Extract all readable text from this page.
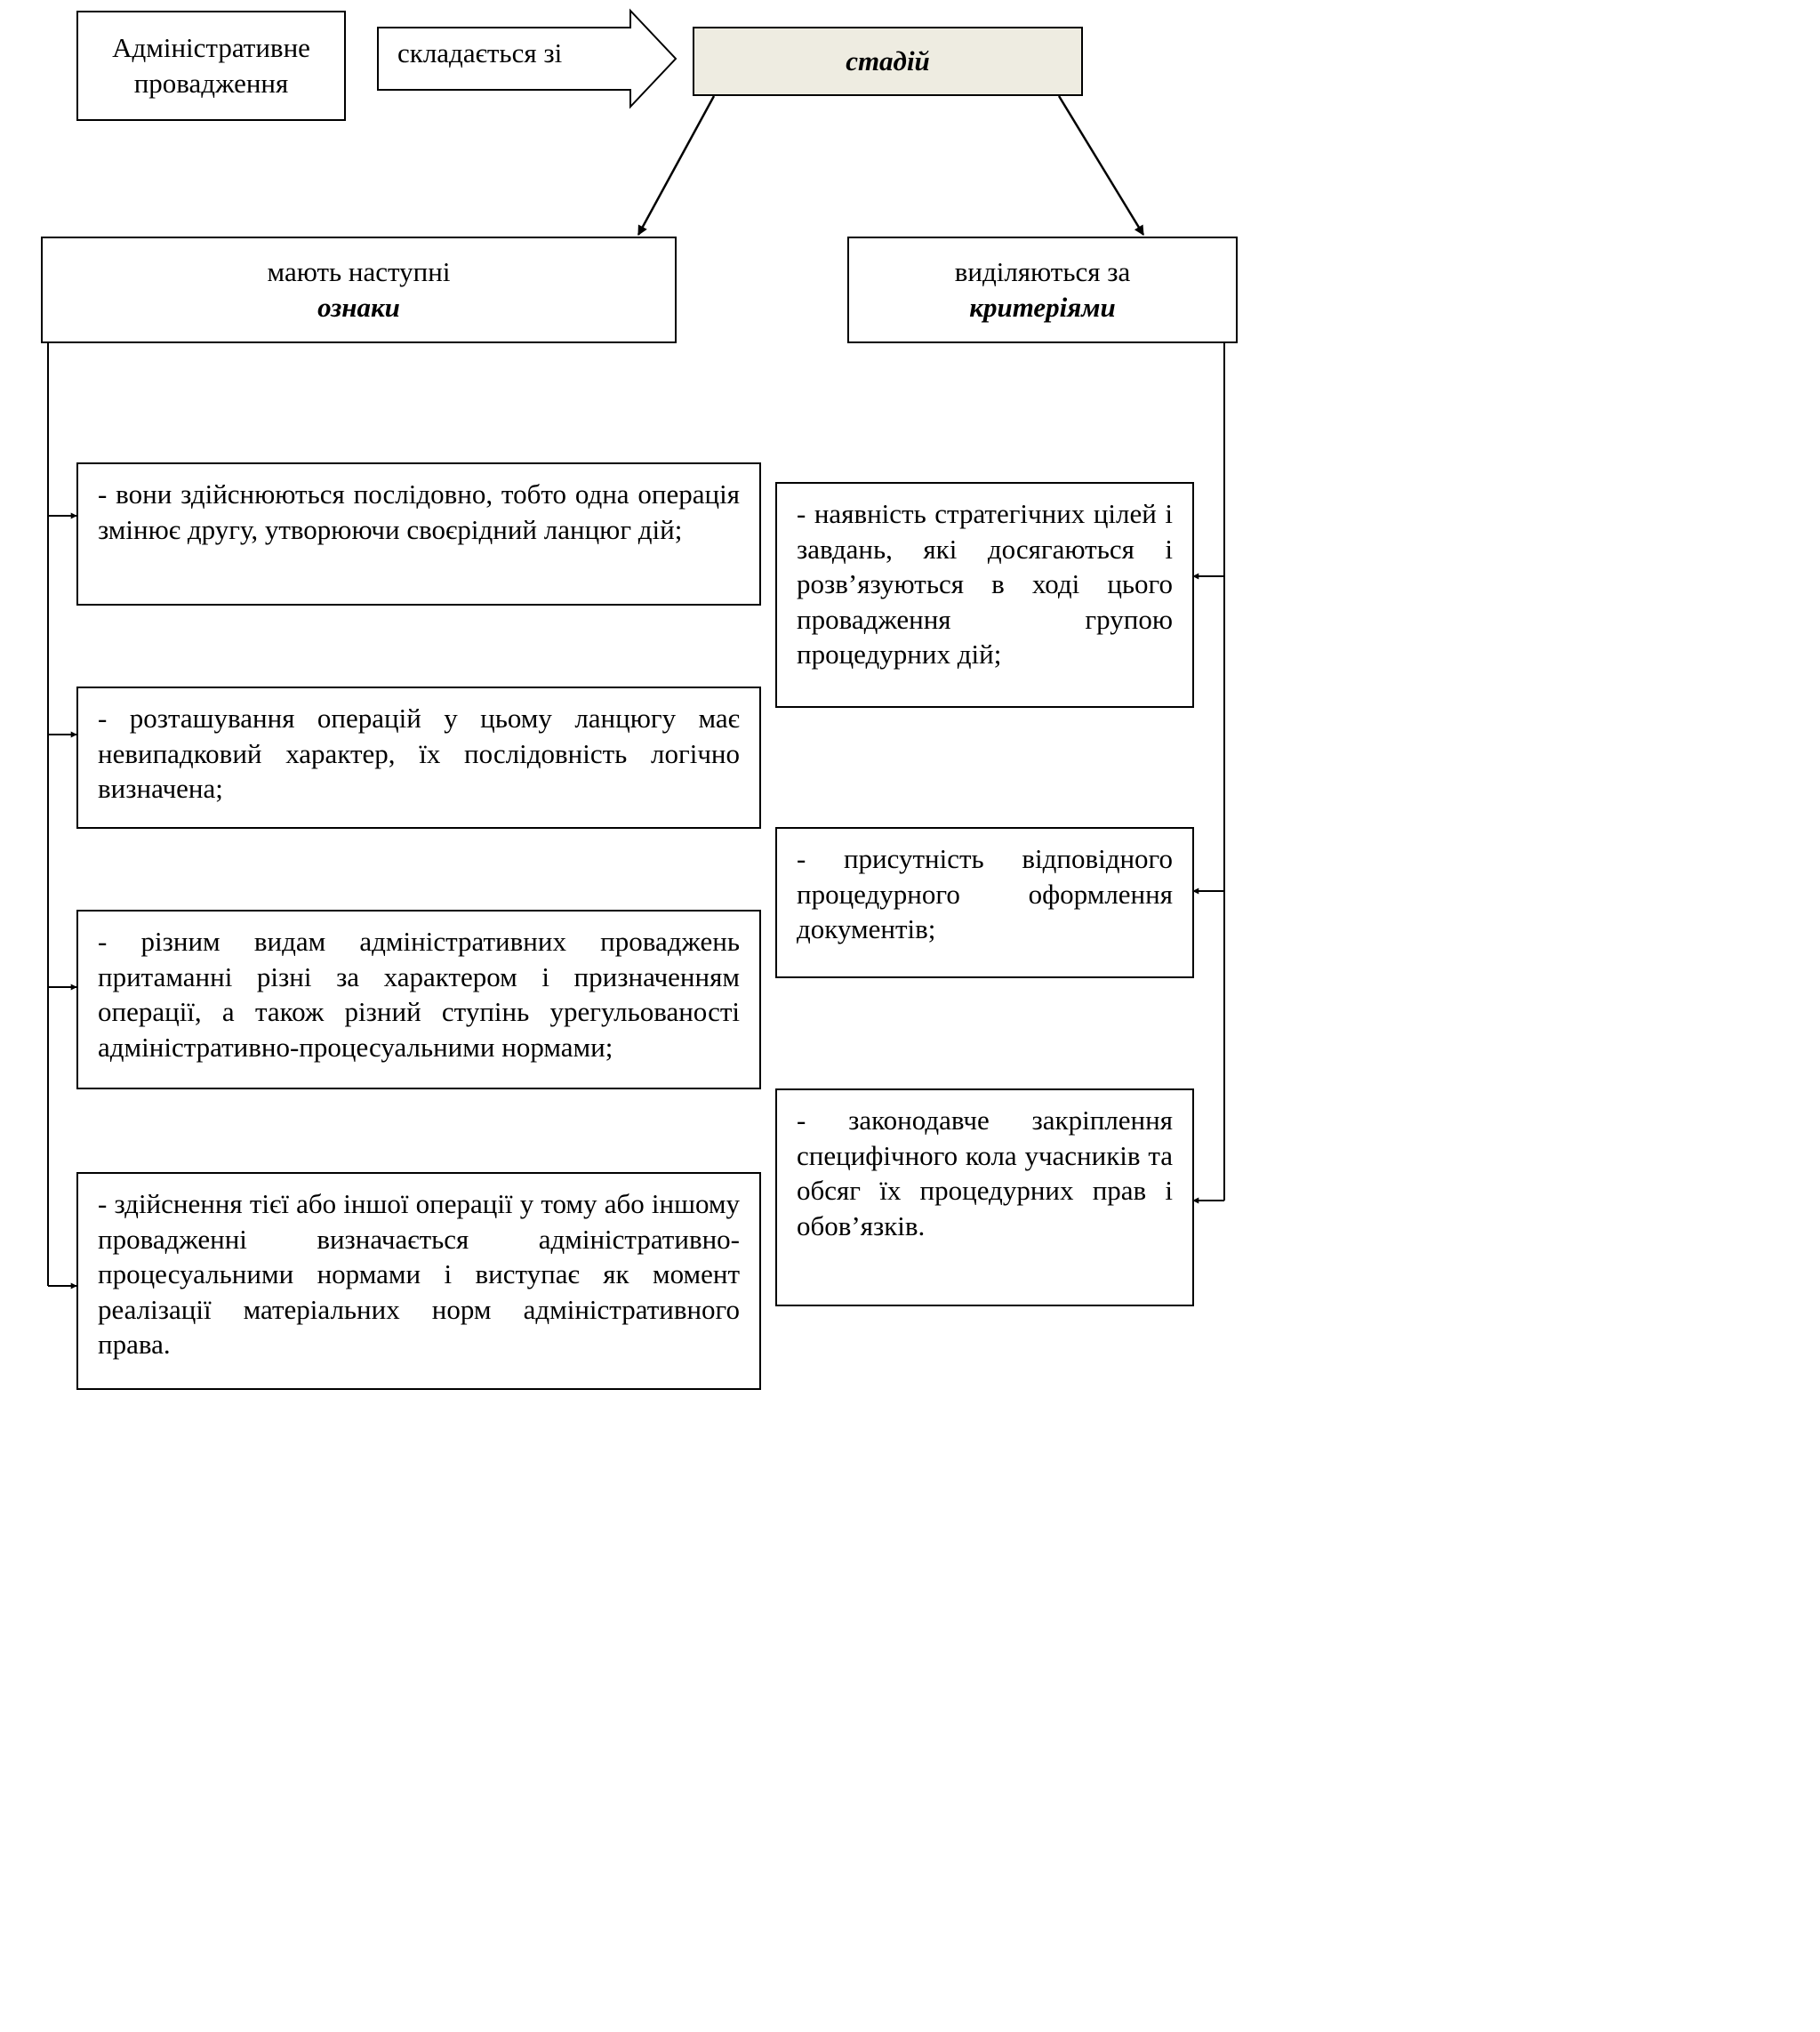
складається зі
Адміністративне
провадження
стадій
мають наступні
ознаки
виділяються за
критеріями
- вони здійснюються послідовно, тобто одна операція змінює другу, утворюючи своєрідний ланцюг дій;
- розташування операцій у цьому ланцюгу має невипадковий характер, їх послідовність логічно визначена;
- різним видам адміністративних проваджень притаманні різні за характером і призначенням операції, а також різний ступінь урегульованості адміністративно-процесуальними нормами;
- здійснення тієї або іншої операції у тому або іншому провадженні визначається адміністративно-процесуальними нормами і виступає як момент реалізації матеріальних норм адміністративного права.
- наявність стратегічних цілей і завдань, які досягаються і розв’язуються в ході цього провадження групою процедурних дій;
- присутність відповідного процедурного оформлення документів;
- законодавче закріплення специфічного кола учасників та обсяг їх процедурних прав і обов’язків.
